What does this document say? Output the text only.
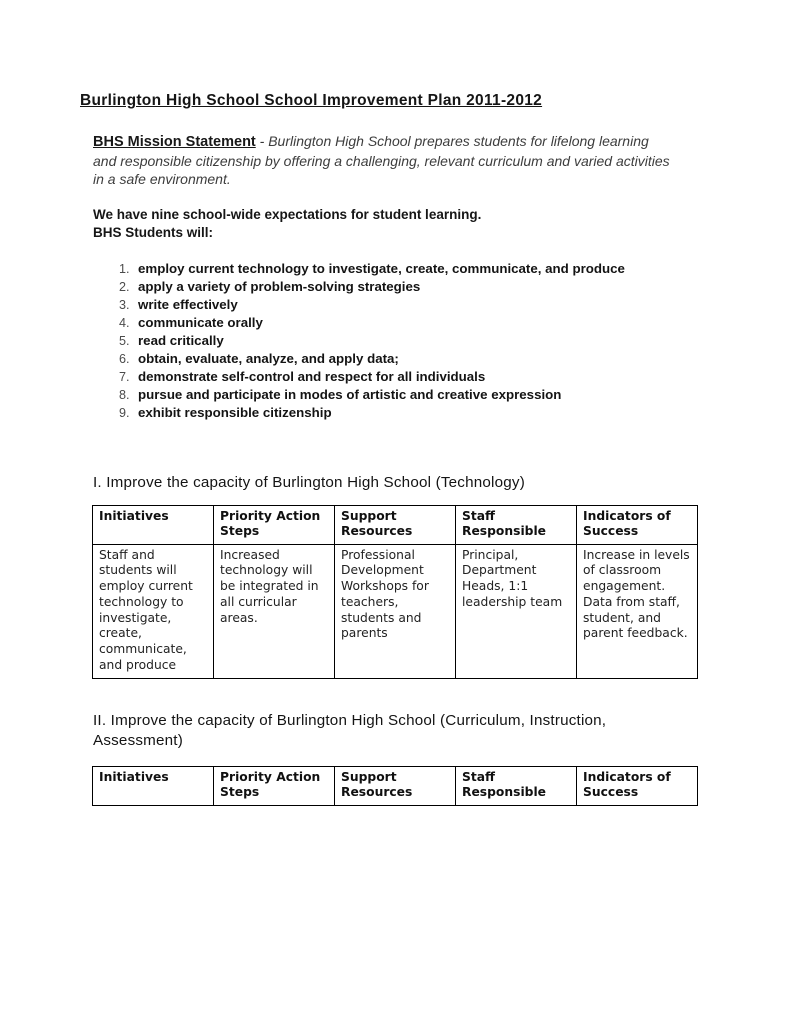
Burlington High School School Improvement Plan 2011-2012
BHS Mission Statement - Burlington High School prepares students for lifelong learning and responsible citizenship by offering a challenging, relevant curriculum and varied activities in a safe environment.
We have nine school-wide expectations for student learning.
BHS Students will:
1. employ current technology to investigate, create, communicate, and produce
2. apply a variety of problem-solving strategies
3. write effectively
4. communicate orally
5. read critically
6. obtain, evaluate, analyze, and apply data;
7. demonstrate self-control and respect for all individuals
8. pursue and participate in modes of artistic and creative expression
9. exhibit responsible citizenship
I. Improve the capacity of Burlington High School (Technology)
Initiatives	Priority Action Steps	Support Resources	Staff Responsible	Indicators of Success
Staff and students will employ current technology to investigate, create, communicate, and produce	Increased technology will be integrated in all curricular areas.	Professional Development Workshops for teachers, students and parents	Principal, Department Heads, 1:1 leadership team	Increase in levels of classroom engagement. Data from staff, student, and parent feedback.
II. Improve the capacity of Burlington High School (Curriculum, Instruction, Assessment)
Initiatives	Priority Action Steps	Support Resources	Staff Responsible	Indicators of Success
